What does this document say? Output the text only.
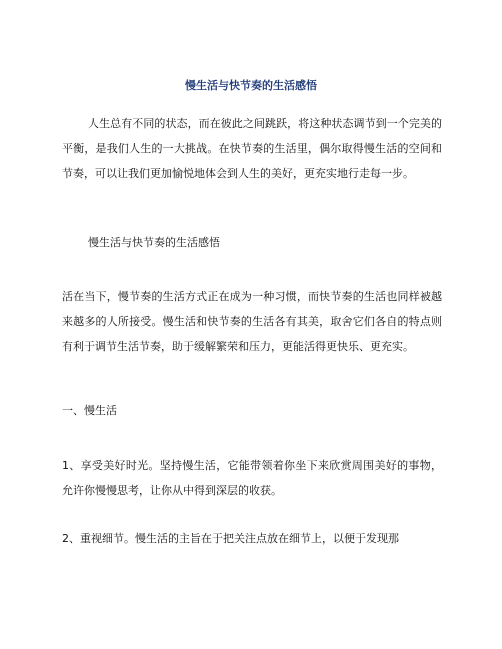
慢生活与快节奏的生活感悟

人生总有不同的状态，而在彼此之间跳跃，将这种状态调节到一个完美的平衡，是我们人生的一大挑战。在快节奏的生活里，偶尔取得慢生活的空间和节奏，可以让我们更加愉悦地体会到人生的美好，更充实地行走每一步。

慢生活与快节奏的生活感悟

活在当下，慢节奏的生活方式正在成为一种习惯，而快节奏的生活也同样被越来越多的人所接受。慢生活和快节奏的生活各有其美，取舍它们各自的特点则有利于调节生活节奏，助于缓解繁荣和压力，更能活得更快乐、更充实。

一、慢生活

1、享受美好时光。坚持慢生活，它能带领着你坐下来欣赏周围美好的事物，允许你慢慢思考，让你从中得到深层的收获。

2、重视细节。慢生活的主旨在于把关注点放在细节上，以便于发现那
